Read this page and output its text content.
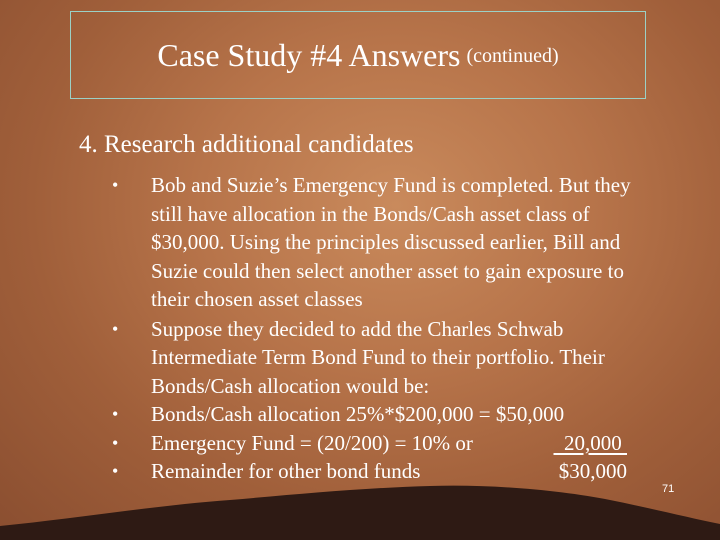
Case Study #4 Answers (continued)

4. Research additional candidates

• Bob and Suzie’s Emergency Fund is completed. But they still have allocation in the Bonds/Cash asset class of $30,000. Using the principles discussed earlier, Bill and Suzie could then select another asset to gain exposure to their chosen asset classes
• Suppose they decided to add the Charles Schwab Intermediate Term Bond Fund to their portfolio. Their Bonds/Cash allocation would be:
• Bonds/Cash allocation 25%*$200,000 = $50,000
• Emergency Fund = (20/200) = 10% or	20,000
• Remainder for other bond funds	$30,000
71
